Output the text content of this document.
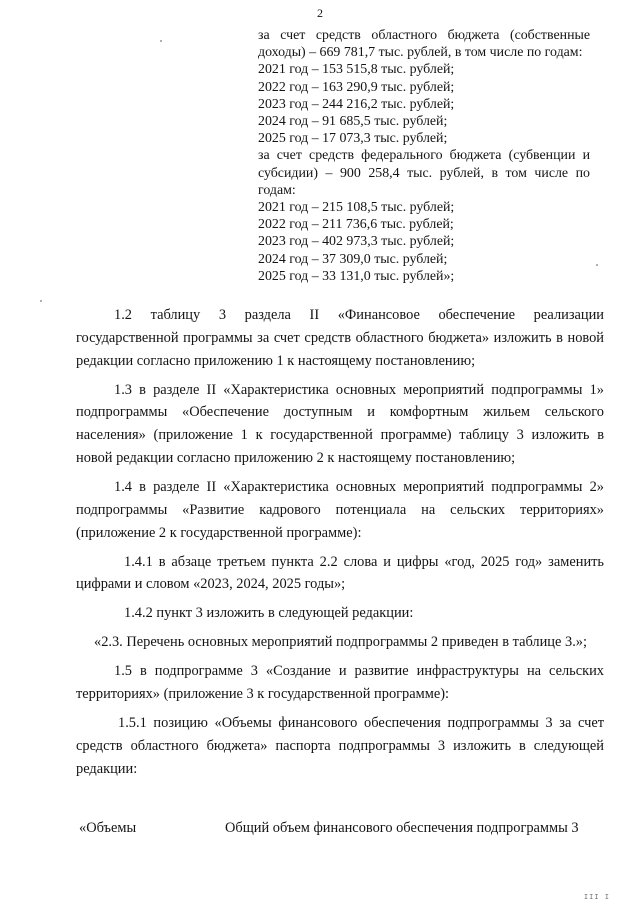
2
за счет средств областного бюджета (собственные доходы) – 669 781,7 тыс. рублей, в том числе по годам:
2021 год – 153 515,8 тыс. рублей;
2022 год – 163 290,9 тыс. рублей;
2023 год – 244 216,2 тыс. рублей;
2024 год – 91 685,5 тыс. рублей;
2025 год – 17 073,3 тыс. рублей;
за счет средств федерального бюджета (субвенции и субсидии) – 900 258,4 тыс. рублей, в том числе по годам:
2021 год – 215 108,5 тыс. рублей;
2022 год – 211 736,6 тыс. рублей;
2023 год – 402 973,3 тыс. рублей;
2024 год – 37 309,0 тыс. рублей;
2025 год – 33 131,0 тыс. рублей»;

1.2 таблицу 3 раздела II «Финансовое обеспечение реализации государственной программы за счет средств областного бюджета» изложить в новой редакции согласно приложению 1 к настоящему постановлению;

1.3 в разделе II «Характеристика основных мероприятий подпрограммы 1» подпрограммы «Обеспечение доступным и комфортным жильем сельского населения» (приложение 1 к государственной программе) таблицу 3 изложить в новой редакции согласно приложению 2 к настоящему постановлению;

1.4 в разделе II «Характеристика основных мероприятий подпрограммы 2» подпрограммы «Развитие кадрового потенциала на сельских территориях» (приложение 2 к государственной программе):

1.4.1 в абзаце третьем пункта 2.2 слова и цифры «год, 2025 год» заменить цифрами и словом «2023, 2024, 2025 годы»;

1.4.2 пункт 3 изложить в следующей редакции:

«2.3. Перечень основных мероприятий подпрограммы 2 приведен в таблице 3.»;

1.5 в подпрограмме 3 «Создание и развитие инфраструктуры на сельских территориях» (приложение 3 к государственной программе):

1.5.1 позицию «Объемы финансового обеспечения подпрограммы 3 за счет средств областного бюджета» паспорта подпрограммы 3 изложить в следующей редакции:

«Объемы	Общий объем финансового обеспечения подпрограммы 3
ІІІ І
